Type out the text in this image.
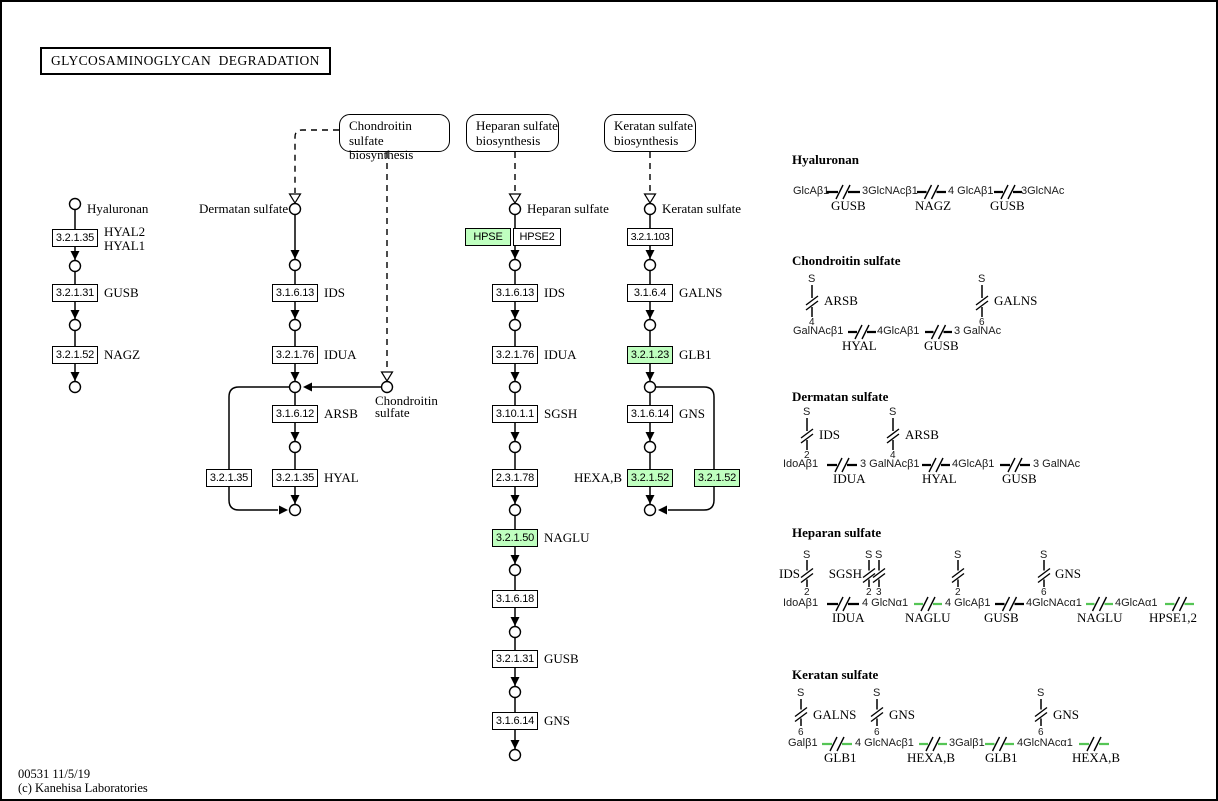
GLYCOSAMINOGLYCAN  DEGRADATION
Chondroitin sulfate
biosynthesis
Heparan sulfate
biosynthesis
Keratan sulfate
biosynthesis
Hyaluronan	Dermatan sulfate	Heparan sulfate	Keratan sulfate
Chondroitin
sulfate
3.2.1.35 HYAL2
HYAL1
3.2.1.31 GUSB
3.2.1.52 NAGZ
3.1.6.13 IDS
3.2.1.76 IDUA
3.1.6.12 ARSB
3.2.1.35 HYAL
3.2.1.35
HPSE	HPSE2
3.1.6.13 IDS
3.2.1.76 IDUA
3.10.1.1 SGSH
2.3.1.78
3.2.1.50 NAGLU
3.1.6.18
3.2.1.31 GUSB
3.1.6.14 GNS
3.2.1.103
3.1.6.4 GALNS
3.2.1.23 GLB1
3.1.6.14 GNS
3.2.1.52
HEXA,B	3.2.1.52
Hyaluronan
GlcAβ1	3GlcNAcβ1	4 GlcAβ1	3GlcNAc
GUSB	NAGZ	GUSB
Chondroitin sulfate
GalNAcβ1	4GlcAβ1	3 GalNAc
HYAL	GUSB
S
4
ARSB
S
6
GALNS
Dermatan sulfate
IdoAβ1	3 GalNAcβ1	4GlcAβ1	3 GalNAc
IDUA	HYAL	GUSB
S
2
IDS
S
4
ARSB
Heparan sulfate
IdoAβ1	4 GlcNα1	4 GlcAβ1	4GlcNAcα1	4GlcAα1
IDUA	NAGLU	GUSB	NAGLU HPSE1,2
S
2
IDS
S
2
SGSH
S
3
S
2
S
6
GNS
Keratan sulfate
Galβ1	4 GlcNAcβ1	3Galβ1	4GlcNAcα1
GLB1	HEXA,B GLB1	HEXA,B
S
6
GALNS
S
6
GNS
S
6
GNS
00531 11/5/19
(c) Kanehisa Laboratories
